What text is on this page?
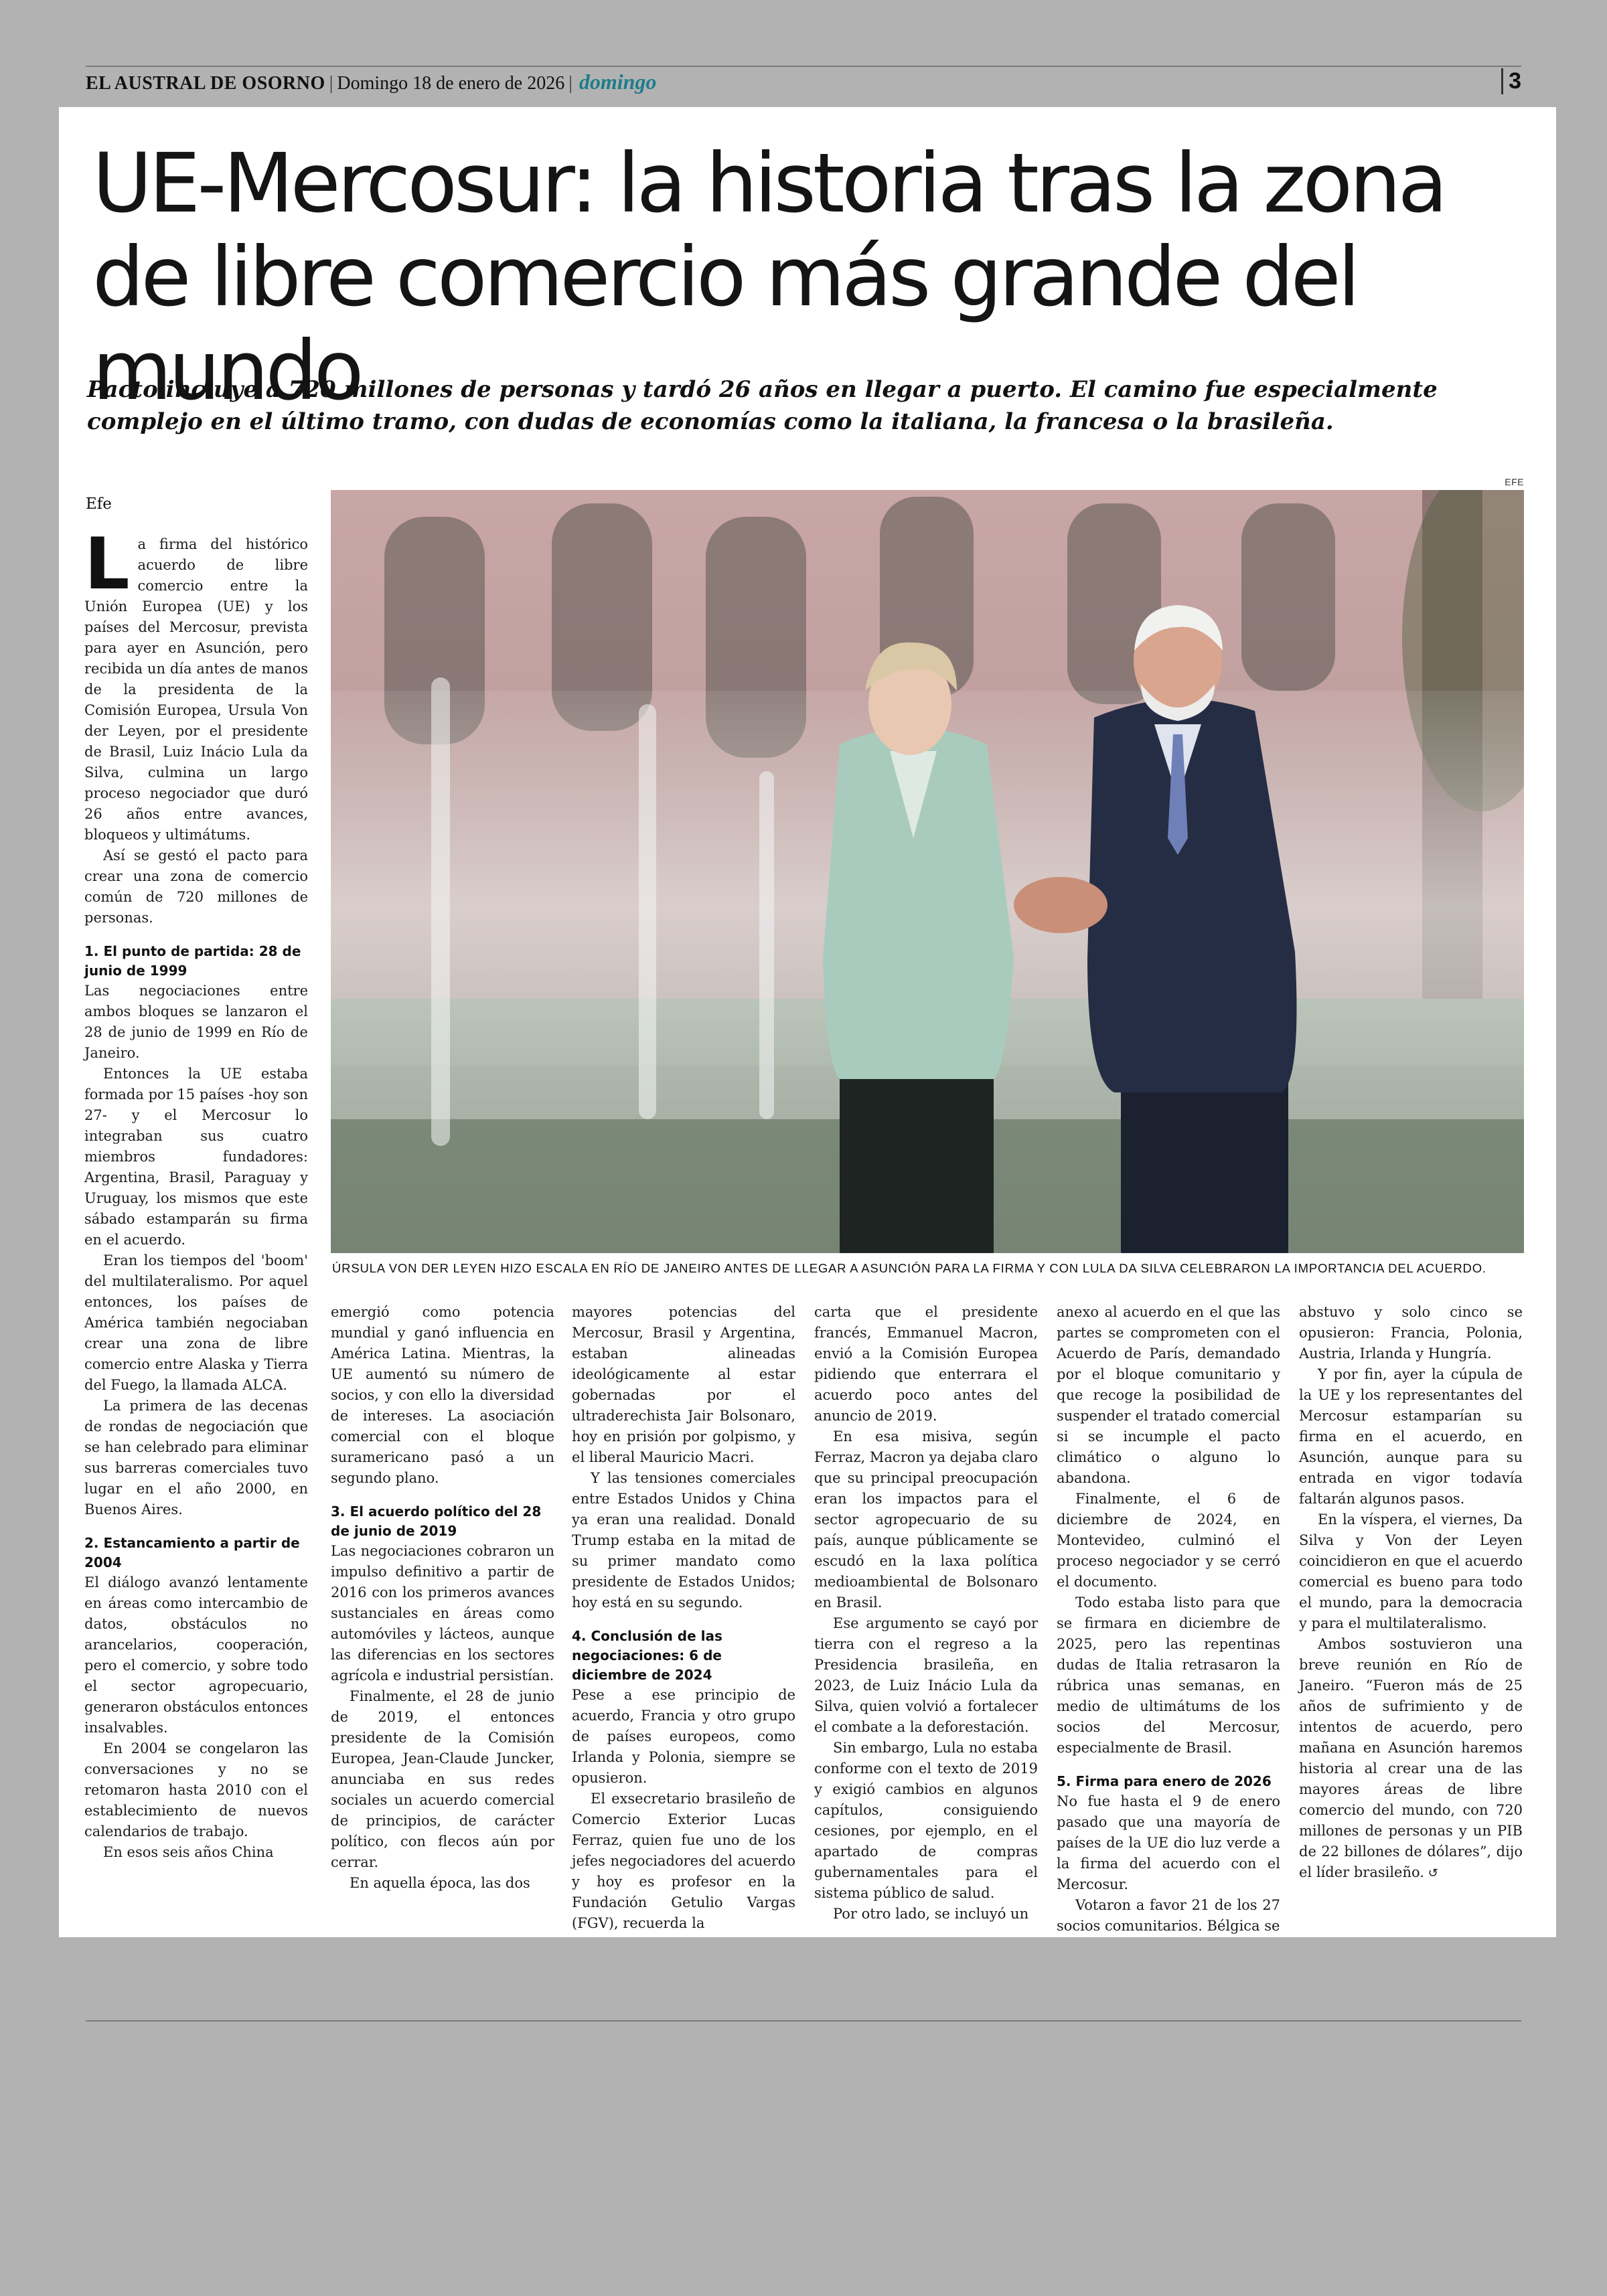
EL AUSTRAL DE OSORNO | Domingo 18 de enero de 2026 | domingo	3
UE-Mercosur: la historia tras la zona de libre comercio más grande del mundo

Pacto incluye a 720 millones de personas y tardó 26 años en llegar a puerto. El camino fue especialmente complejo en el último tramo, con dudas de economías como la italiana, la francesa o la brasileña.

Efe
EFE
ÚRSULA VON DER LEYEN HIZO ESCALA EN RÍO DE JANEIRO ANTES DE LLEGAR A ASUNCIÓN PARA LA FIRMA Y CON LULA DA SILVA CELEBRARON LA IMPORTANCIA DEL ACUERDO.

La firma del histórico acuerdo de libre comercio entre la Unión Europea (UE) y los países del Mercosur, prevista para ayer en Asunción, pero recibida un día antes de manos de la presidenta de la Comisión Europea, Ursula Von der Leyen, por el presidente de Brasil, Luiz Inácio Lula da Silva, culmina un largo proceso negociador que duró 26 años entre avances, bloqueos y ultimátums.

Así se gestó el pacto para crear una zona de comercio común de 720 millones de personas.

1. El punto de partida: 28 de junio de 1999

Las negociaciones entre ambos bloques se lanzaron el 28 de junio de 1999 en Río de Janeiro.

Entonces la UE estaba formada por 15 países -hoy son 27- y el Mercosur lo integraban sus cuatro miembros fundadores: Argentina, Brasil, Paraguay y Uruguay, los mismos que este sábado estamparán su firma en el acuerdo.

Eran los tiempos del 'boom' del multilateralismo. Por aquel entonces, los países de América también negociaban crear una zona de libre comercio entre Alaska y Tierra del Fuego, la llamada ALCA.

La primera de las decenas de rondas de negociación que se han celebrado para eliminar sus barreras comerciales tuvo lugar en el año 2000, en Buenos Aires.

2. Estancamiento a partir de 2004

El diálogo avanzó lentamente en áreas como intercambio de datos, obstáculos no arancelarios, cooperación, pero el comercio, y sobre todo el sector agropecuario, generaron obstáculos entonces insalvables.

En 2004 se congelaron las conversaciones y no se retomaron hasta 2010 con el establecimiento de nuevos calendarios de trabajo.

En esos seis años China

emergió como potencia mundial y ganó influencia en América Latina. Mientras, la UE aumentó su número de socios, y con ello la diversidad de intereses. La asociación comercial con el bloque suramericano pasó a un segundo plano.

3. El acuerdo político del 28 de junio de 2019

Las negociaciones cobraron un impulso definitivo a partir de 2016 con los primeros avances sustanciales en áreas como automóviles y lácteos, aunque las diferencias en los sectores agrícola e industrial persistían.

Finalmente, el 28 de junio de 2019, el entonces presidente de la Comisión Europea, Jean-Claude Juncker, anunciaba en sus redes sociales un acuerdo comercial de principios, de carácter político, con flecos aún por cerrar.

En aquella época, las dos

mayores potencias del Mercosur, Brasil y Argentina, estaban alineadas ideológicamente al estar gobernadas por el ultraderechista Jair Bolsonaro, hoy en prisión por golpismo, y el liberal Mauricio Macri.

Y las tensiones comerciales entre Estados Unidos y China ya eran una realidad. Donald Trump estaba en la mitad de su primer mandato como presidente de Estados Unidos; hoy está en su segundo.

4. Conclusión de las negociaciones: 6 de diciembre de 2024

Pese a ese principio de acuerdo, Francia y otro grupo de países europeos, como Irlanda y Polonia, siempre se opusieron.

El exsecretario brasileño de Comercio Exterior Lucas Ferraz, quien fue uno de los jefes negociadores del acuerdo y hoy es profesor en la Fundación Getulio Vargas (FGV), recuerda la

carta que el presidente francés, Emmanuel Macron, envió a la Comisión Europea pidiendo que enterrara el acuerdo poco antes del anuncio de 2019.

En esa misiva, según Ferraz, Macron ya dejaba claro que su principal preocupación eran los impactos para el sector agropecuario de su país, aunque públicamente se escudó en la laxa política medioambiental de Bolsonaro en Brasil.

Ese argumento se cayó por tierra con el regreso a la Presidencia brasileña, en 2023, de Luiz Inácio Lula da Silva, quien volvió a fortalecer el combate a la deforestación.

Sin embargo, Lula no estaba conforme con el texto de 2019 y exigió cambios en algunos capítulos, consiguiendo cesiones, por ejemplo, en el apartado de compras gubernamentales para el sistema público de salud.

Por otro lado, se incluyó un

anexo al acuerdo en el que las partes se comprometen con el Acuerdo de París, demandado por el bloque comunitario y que recoge la posibilidad de suspender el tratado comercial si se incumple el pacto climático o alguno lo abandona.

Finalmente, el 6 de diciembre de 2024, en Montevideo, culminó el proceso negociador y se cerró el documento.

Todo estaba listo para que se firmara en diciembre de 2025, pero las repentinas dudas de Italia retrasaron la rúbrica unas semanas, en medio de ultimátums de los socios del Mercosur, especialmente de Brasil.

5. Firma para enero de 2026

No fue hasta el 9 de enero pasado que una mayoría de países de la UE dio luz verde a la firma del acuerdo con el Mercosur.

Votaron a favor 21 de los 27 socios comunitarios. Bélgica se

abstuvo y solo cinco se opusieron: Francia, Polonia, Austria, Irlanda y Hungría.

Y por fin, ayer la cúpula de la UE y los representantes del Mercosur estamparían su firma en el acuerdo, en Asunción, aunque para su entrada en vigor todavía faltarán algunos pasos.

En la víspera, el viernes, Da Silva y Von der Leyen coincidieron en que el acuerdo comercial es bueno para todo el mundo, para la democracia y para el multilateralismo.

Ambos sostuvieron una breve reunión en Río de Janeiro. “Fueron más de 25 años de sufrimiento y de intentos de acuerdo, pero mañana en Asunción haremos historia al crear una de las mayores áreas de libre comercio del mundo, con 720 millones de personas y un PIB de 22 billones de dólares”, dijo el líder brasileño. ↺
